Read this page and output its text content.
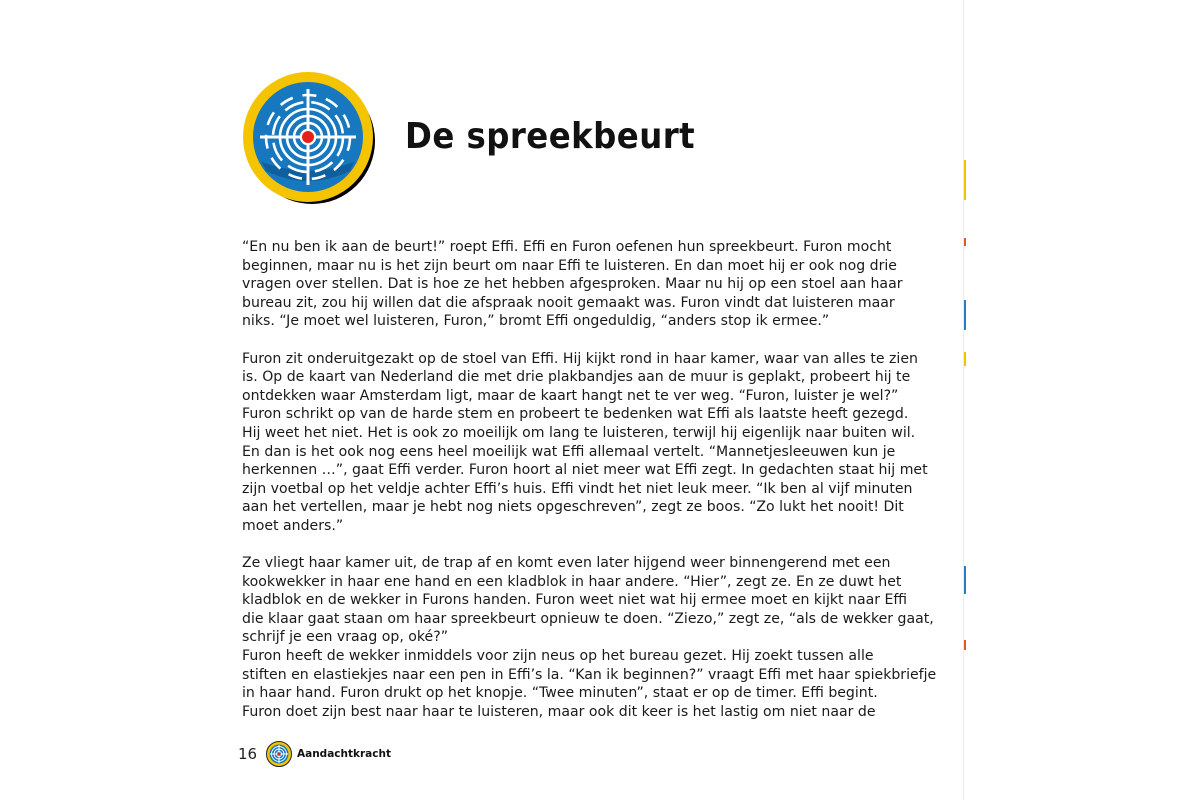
De spreekbeurt

“En nu ben ik aan de beurt!” roept Effi. Effi en Furon oefenen hun spreekbeurt. Furon mocht

beginnen, maar nu is het zijn beurt om naar Effi te luisteren. En dan moet hij er ook nog drie

vragen over stellen. Dat is hoe ze het hebben afgesproken. Maar nu hij op een stoel aan haar

bureau zit, zou hij willen dat die afspraak nooit gemaakt was. Furon vindt dat luisteren maar

niks. “Je moet wel luisteren, Furon,” bromt Effi ongeduldig, “anders stop ik ermee.”

Furon zit onderuitgezakt op de stoel van Effi. Hij kijkt rond in haar kamer, waar van alles te zien

is. Op de kaart van Nederland die met drie plakbandjes aan de muur is geplakt, probeert hij te

ontdekken waar Amsterdam ligt, maar de kaart hangt net te ver weg. “Furon, luister je wel?”

Furon schrikt op van de harde stem en probeert te bedenken wat Effi als laatste heeft gezegd.

Hij weet het niet. Het is ook zo moeilijk om lang te luisteren, terwijl hij eigenlijk naar buiten wil.

En dan is het ook nog eens heel moeilijk wat Effi allemaal vertelt. “Mannetjesleeuwen kun je

herkennen …”, gaat Effi verder. Furon hoort al niet meer wat Effi zegt. In gedachten staat hij met

zijn voetbal op het veldje achter Effi’s huis. Effi vindt het niet leuk meer. “Ik ben al vijf minuten

aan het vertellen, maar je hebt nog niets opgeschreven”, zegt ze boos. “Zo lukt het nooit! Dit

moet anders.”

Ze vliegt haar kamer uit, de trap af en komt even later hijgend weer binnengerend met een

kookwekker in haar ene hand en een kladblok in haar andere. “Hier”, zegt ze. En ze duwt het

kladblok en de wekker in Furons handen. Furon weet niet wat hij ermee moet en kijkt naar Effi

die klaar gaat staan om haar spreekbeurt opnieuw te doen. “Ziezo,” zegt ze, “als de wekker gaat,

schrijf je een vraag op, oké?”

Furon heeft de wekker inmiddels voor zijn neus op het bureau gezet. Hij zoekt tussen alle

stiften en elastiekjes naar een pen in Effi’s la. “Kan ik beginnen?” vraagt Effi met haar spiekbriefje

in haar hand. Furon drukt op het knopje. “Twee minuten”, staat er op de timer. Effi begint.

Furon doet zijn best naar haar te luisteren, maar ook dit keer is het lastig om niet naar de

16	Aandachtkracht
